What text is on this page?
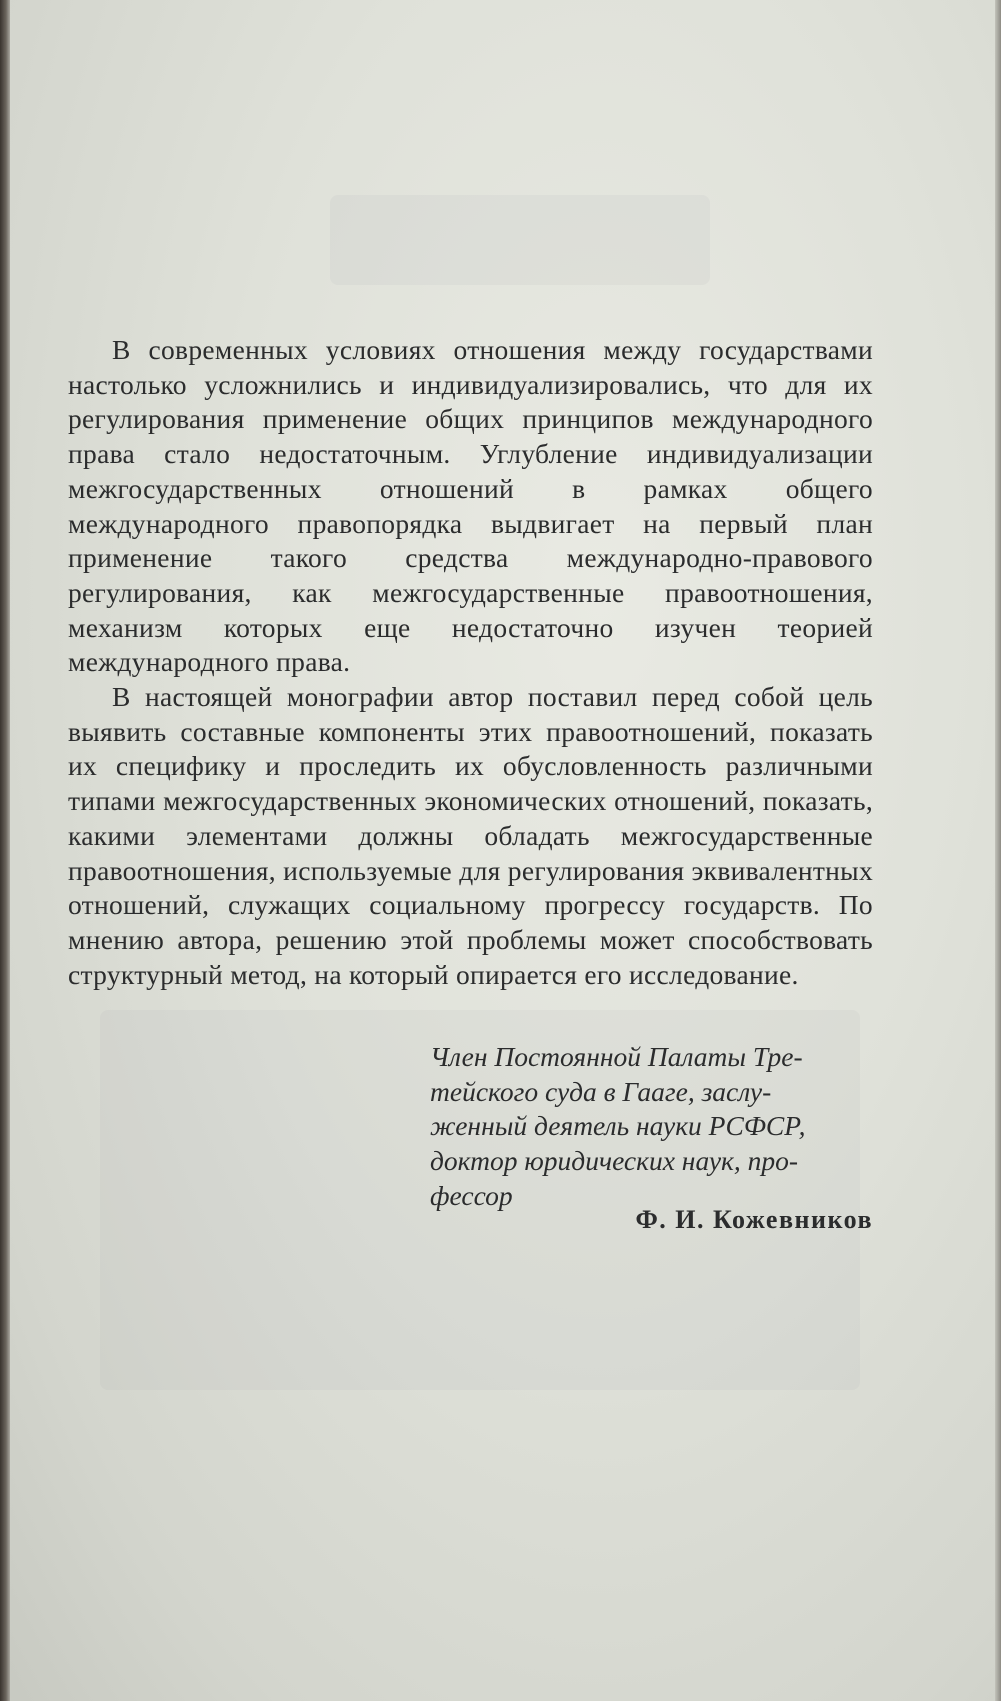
В современных условиях отношения между государствами настолько усложнились и индивидуализировались, что для их регулирования применение общих принципов международного права стало недостаточным. Углубление индивидуализации межгосударственных отношений в рамках общего международного правопорядка выдвигает на первый план применение такого средства международно-правового регулирования, как межгосударственные правоотношения, механизм которых еще недостаточно изучен теорией международного права.

В настоящей монографии автор поставил перед собой цель выявить составные компоненты этих правоотношений, показать их специфику и проследить их обусловленность различными типами межгосударственных экономических отношений, показать, какими элементами должны обладать межгосударственные правоотношения, используемые для регулирования эквивалентных отношений, служащих социальному прогрессу государств. По мнению автора, решению этой проблемы может способствовать структурный метод, на который опирается его исследование.

Член Постоянной Палаты Тре-
тейского суда в Гааге, заслу-
женный деятель науки РСФСР,
доктор юридических наук, про-
фессор
Ф. И. Кожевников
